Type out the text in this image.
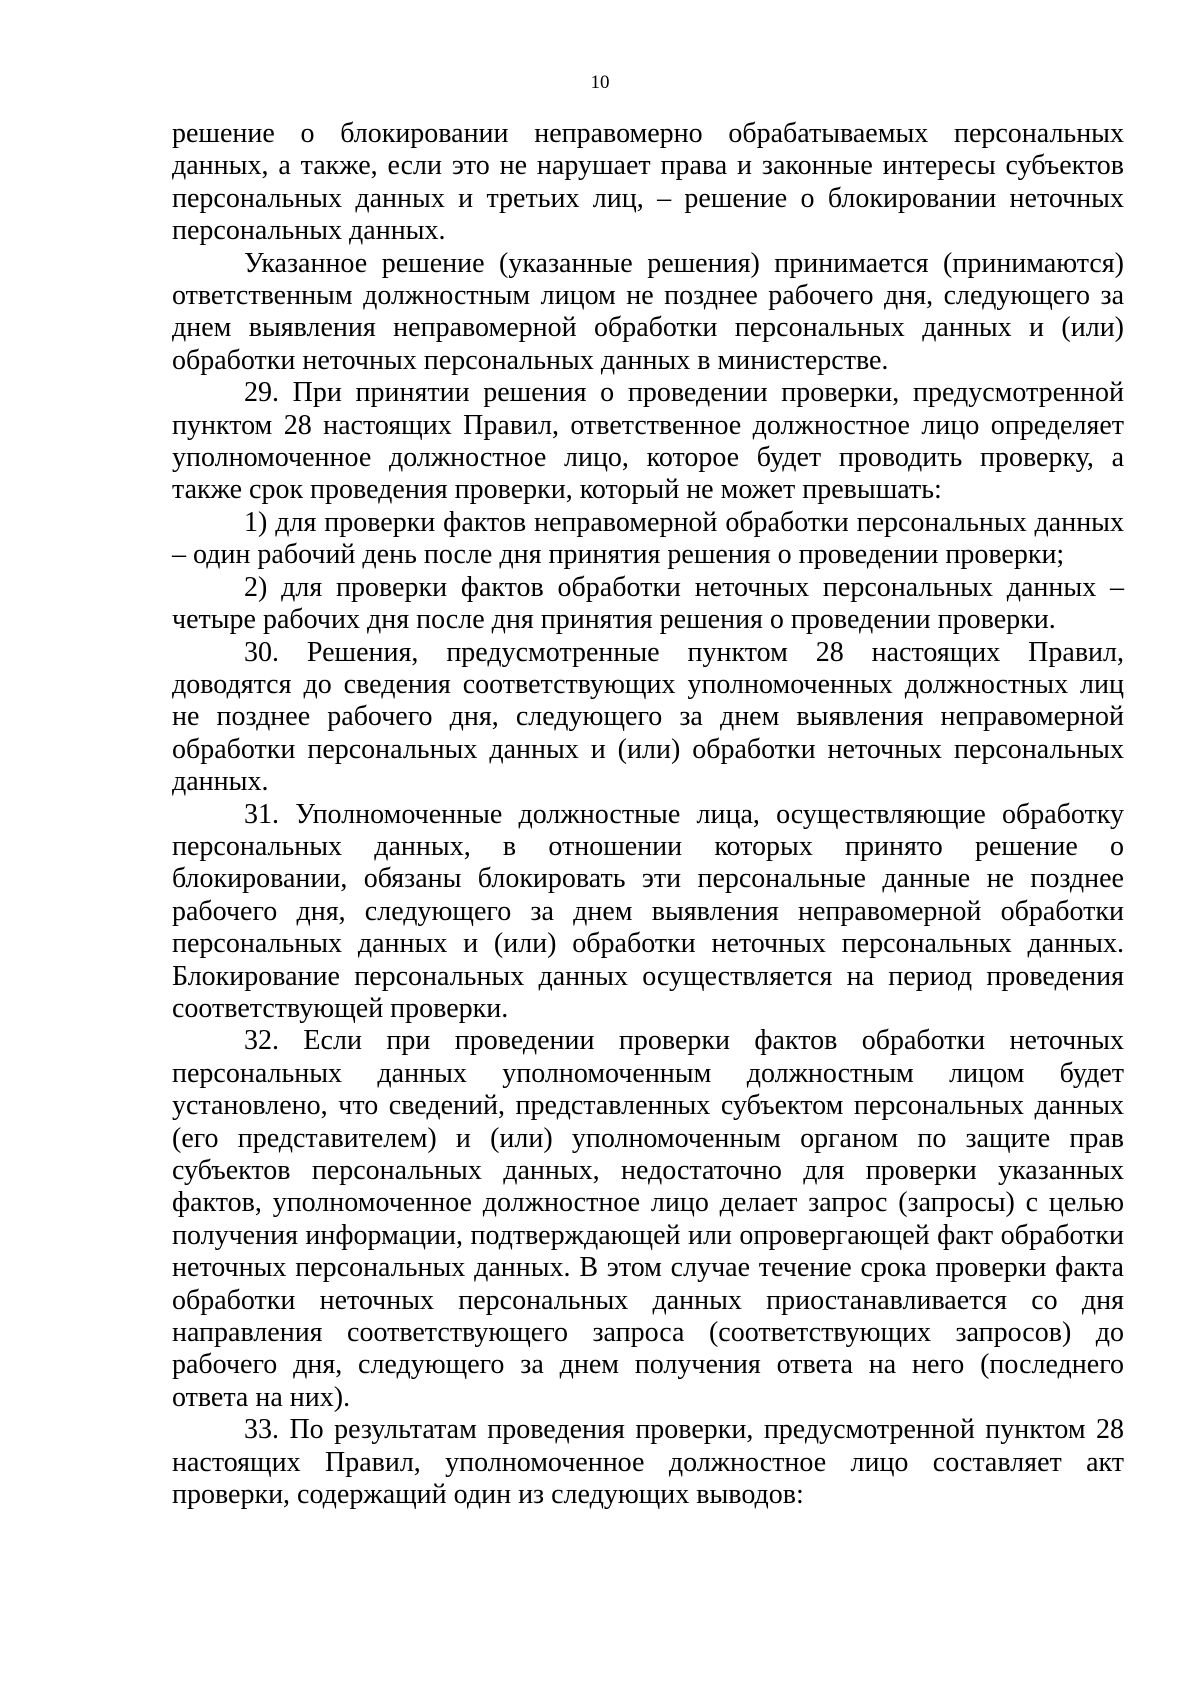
10

решение о блокировании неправомерно обрабатываемых персональных данных, а также, если это не нарушает права и законные интересы субъектов персональных данных и третьих лиц, – решение о блокировании неточных персональных данных.

Указанное решение (указанные решения) принимается (принимаются) ответственным должностным лицом не позднее рабочего дня, следующего за днем выявления неправомерной обработки персональных данных и (или) обработки неточных персональных данных в министерстве.

29. При принятии решения о проведении проверки, предусмотренной пунктом 28 настоящих Правил, ответственное должностное лицо определяет уполномоченное должностное лицо, которое будет проводить проверку, а также срок проведения проверки, который не может превышать:

1) для проверки фактов неправомерной обработки персональных данных – один рабочий день после дня принятия решения о проведении проверки;

2) для проверки фактов обработки неточных персональных данных – четыре рабочих дня после дня принятия решения о проведении проверки.

30. Решения, предусмотренные пунктом 28 настоящих Правил, доводятся до сведения соответствующих уполномоченных должностных лиц не позднее рабочего дня, следующего за днем выявления неправомерной обработки персональных данных и (или) обработки неточных персональных данных.

31. Уполномоченные должностные лица, осуществляющие обработку персональных данных, в отношении которых принято решение о блокировании, обязаны блокировать эти персональные данные не позднее рабочего дня, следующего за днем выявления неправомерной обработки персональных данных и (или) обработки неточных персональных данных. Блокирование персональных данных осуществляется на период проведения соответствующей проверки.

32. Если при проведении проверки фактов обработки неточных персональных данных уполномоченным должностным лицом будет установлено, что сведений, представленных субъектом персональных данных (его представителем) и (или) уполномоченным органом по защите прав субъектов персональных данных, недостаточно для проверки указанных фактов, уполномоченное должностное лицо делает запрос (запросы) с целью получения информации, подтверждающей или опровергающей факт обработки неточных персональных данных. В этом случае течение срока проверки факта обработки неточных персональных данных приостанавливается со дня направления соответствующего запроса (соответствующих запросов) до рабочего дня, следующего за днем получения ответа на него (последнего ответа на них).

33. По результатам проведения проверки, предусмотренной пунктом 28 настоящих Правил, уполномоченное должностное лицо составляет акт проверки, содержащий один из следующих выводов:
